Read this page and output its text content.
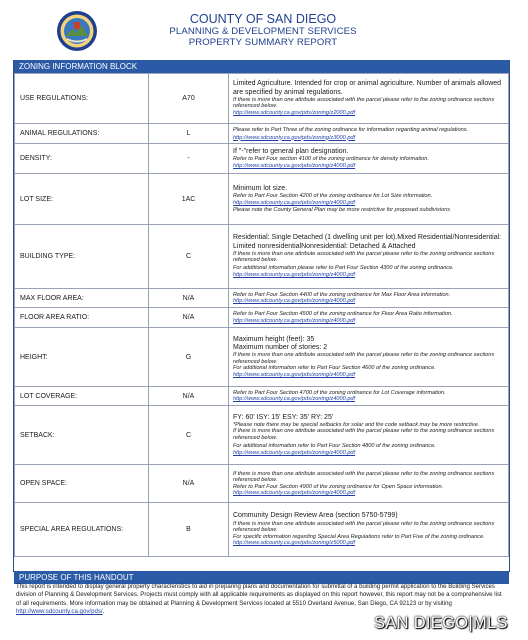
COUNTY OF SAN DIEGO
PLANNING & DEVELOPMENT SERVICES
PROPERTY SUMMARY REPORT
ZONING INFORMATION BLOCK
USE REGULATIONS:	A70	Limited Agriculture. Intended for crop or animal agriculture. Number of animals allowed are specified by animal regulations.
If there is more than one attribute associated with the parcel please refer to the zoning ordinance sections referenced below.
http://www.sdcounty.ca.gov/pds/zoning/z2000.pdf

ANIMAL REGULATIONS:	L	Please refer to Part Three of the zoning ordinance for information regarding animal regulations. http://www.sdcounty.ca.gov/pds/zoning/z3000.pdf
DENSITY:	-	If "-"refer to general plan designation.
Refer to Part Four section 4100 of the zoning ordinance for density information.
http://www.sdcounty.ca.gov/pds/zoning/z4000.pdf

LOT SIZE:	1AC	Minimum lot size.
Refer to Part Four Section 4200 of the zoning ordinance for Lot Size information.
http://www.sdcounty.ca.gov/pds/zoning/z4000.pdf
Please note the County General Plan may be more restrictive for proposed subdivisions

BUILDING TYPE:	C	Residential: Single Detached (1 dwelling unit per lot).Mixed Residential/Nonresidential: Limited nonresidentialNonresidential: Detached & Attached
If there is more than one attribute associated with the parcel please refer to the zoning ordinance sections referenced below.
For additional information please refer to Part Four Section 4300 of the zoning ordinance. http://www.sdcounty.ca.gov/pds/zoning/z4000.pdf
MAX FLOOR AREA:	N/A	Refer to Part Four Section 4400 of the zoning ordinance for Max Floor Area information.
http://www.sdcounty.ca.gov/pds/zoning/z4000.pdf

FLOOR AREA RATIO:	N/A	Refer to Part Four Section 4500 of the zoning ordinance for Floor Area Ratio information.
http://www.sdcounty.ca.gov/pds/zoning/z4000.pdf

HEIGHT:	G	Maximum height (feet): 35
Maximum number of stories: 2
If there is more than one attribute associated with the parcel please refer to the zoning ordinance sections referenced below.
For additional information refer to Part Four Section 4600 of the zoning ordinance.
http://www.sdcounty.ca.gov/pds/zoning/z4000.pdf

LOT COVERAGE:	N/A	Refer to Part Four Section 4700 of the zoning ordinance for Lot Coverage information.
http://www.sdcounty.ca.gov/pds/zoning/z4000.pdf

SETBACK:	C	FY: 60' ISY: 15' ESY: 35' RY: 25'
*Please note there may be special setbacks for solar and fire code setback may be more restrictive.
If there is more than one attribute associated with the parcel please refer to the zoning ordinance sections referenced below.
For additional information refer to Part Four Section 4800 of the zoning ordinance. http://www.sdcounty.ca.gov/pds/zoning/z4000.pdf
OPEN SPACE:	N/A	If there is more than one attribute associated with the parcel please refer to the zoning ordinance sections referenced below.
Refer to Part Four Section 4900 of the zoning ordinance for Open Space information.
http://www.sdcounty.ca.gov/pds/zoning/z4000.pdf

SPECIAL AREA REGULATIONS:	B	Community Design Review Area (section 5750-5799)
If there is more than one attribute associated with the parcel please refer to the zoning ordinance sections referenced below.
For specific information regarding Special Area Regulations refer to Part Five of the zoning ordinance.
http://www.sdcounty.ca.gov/pds/zoning/z5000.pdf
PURPOSE OF THIS HANDOUT
This report is intended to display general property characteristics to aid in preparing plans and documentation for submittal of a building permit application to the Building Services division of Planning & Development Services. Projects must comply with all applicable requirements as displayed on this report however, this report may not be a comprehensive list of all requirements. More information may be obtained at Planning & Development Services located at 5510 Overland Avenue, San Diego, CA 92123 or by visiting http://www.sdcounty.ca.gov/pds/.
SAN DIEGO|MLS
